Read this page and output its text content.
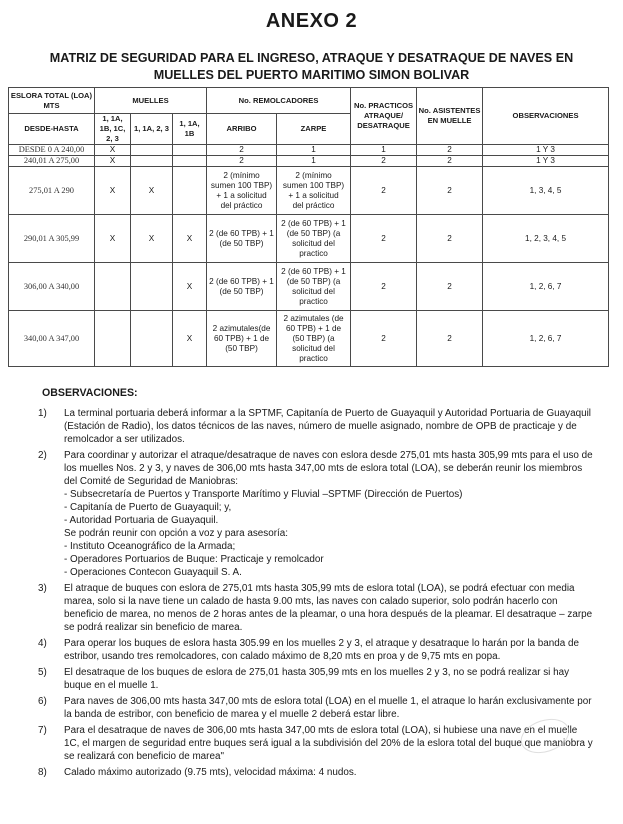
ANEXO 2
MATRIZ DE SEGURIDAD PARA EL INGRESO, ATRAQUE Y DESATRAQUE DE NAVES EN MUELLES DEL PUERTO MARITIMO SIMON BOLIVAR
ESLORA TOTAL (LOA) MTS	MUELLES			No. REMOLCADORES		No. PRACTICOS ATRAQUE/ DESATRAQUE	No. ASISTENTES EN MUELLE	OBSERVACIONES
DESDE-HASTA	1, 1A, 1B, 1C, 2, 3	1, 1A, 2, 3	1, 1A, 1B	ARRIBO	ZARPE			
DESDE 0 A 240,00	X			2	1	1	2	1 Y 3
240,01 A 275,00	X			2	1	2	2	1 Y 3
275,01 A 290	X	X		2 (mínimo
sumen 100 TBP)
+ 1 a solicitud
del práctico	2 (mínimo
sumen 100 TBP)
+ 1 a solicitud
del práctico	2	2	1, 3, 4, 5
290,01 A 305,99	X	X	X	2 (de 60 TPB) + 1
(de 50 TBP)	2 (de 60 TPB) + 1
(de 50 TBP) (a
solicitud del
practico	2	2	1, 2, 3, 4, 5
306,00 A 340,00			X	2 (de 60 TPB) + 1
(de 50 TBP)	2 (de 60 TPB) + 1
(de 50 TBP) (a
solicitud del
practico	2	2	1, 2, 6, 7
340,00 A 347,00			X	2 azimutales(de
60 TPB) + 1 de
(50 TBP)	2 azimutales (de
60 TPB) + 1 de
(50 TBP) (a
solicitud del
practico	2	2	1, 2, 6, 7
OBSERVACIONES:
1) La terminal portuaria deberá informar a la SPTMF, Capitanía de Puerto de Guayaquil y Autoridad Portuaria de Guayaquil (Estación de Radio), los datos técnicos de las naves, número de muelle asignado, nombre de OPB de practicaje y de remolcador a ser utilizados.
2) Para coordinar y autorizar el atraque/desatraque de naves con eslora desde 275,01 mts hasta 305,99 mts para el uso de los muelles Nos. 2 y 3, y naves de 306,00 mts hasta 347,00 mts de eslora total (LOA), se deberán reunir los miembros del Comité de Seguridad de Maniobras:
- Subsecretaría de Puertos y Transporte Marítimo y Fluvial –SPTMF (Dirección de Puertos)
- Capitanía de Puerto de Guayaquil; y,
- Autoridad Portuaria de Guayaquil.
Se podrán reunir con opción a voz y para asesoría:
- Instituto Oceanográfico de la Armada;
- Operadores Portuarios de Buque: Practicaje y remolcador
- Operaciones Contecon Guayaquil S. A.
3) El atraque de buques con eslora de 275,01 mts hasta 305,99 mts de eslora total (LOA), se podrá efectuar con media marea, solo si la nave tiene un calado de hasta 9.00 mts, las naves con calado superior, solo podrán hacerlo con beneficio de marea, no menos de 2 horas antes de la pleamar, o una hora después de la pleamar. El desatraque – zarpe se podrá realizar sin beneficio de marea.
4) Para operar los buques de eslora hasta 305.99 en los muelles 2 y 3, el atraque y desatraque lo harán por la banda de estribor, usando tres remolcadores, con calado máximo de 8,20 mts en proa y de 9,75 mts en popa.
5) El desatraque de los buques de eslora de 275,01 hasta 305,99 mts en los muelles 2 y 3, no se podrá realizar si hay buque en el muelle 1.
6) Para naves de 306,00 mts hasta 347,00 mts de eslora total (LOA) en el muelle 1, el atraque lo harán exclusivamente por la banda de estribor, con beneficio de marea y el muelle 2 deberá estar libre.
7) Para el desatraque de naves de 306,00 mts hasta 347,00 mts de eslora total (LOA), si hubiese una nave en el muelle 1C, el margen de seguridad entre buques será igual a la subdivisión del 20% de la eslora total del buque que maniobra y se realizará con beneficio de marea"
8) Calado máximo autorizado (9.75 mts), velocidad máxima: 4 nudos.
